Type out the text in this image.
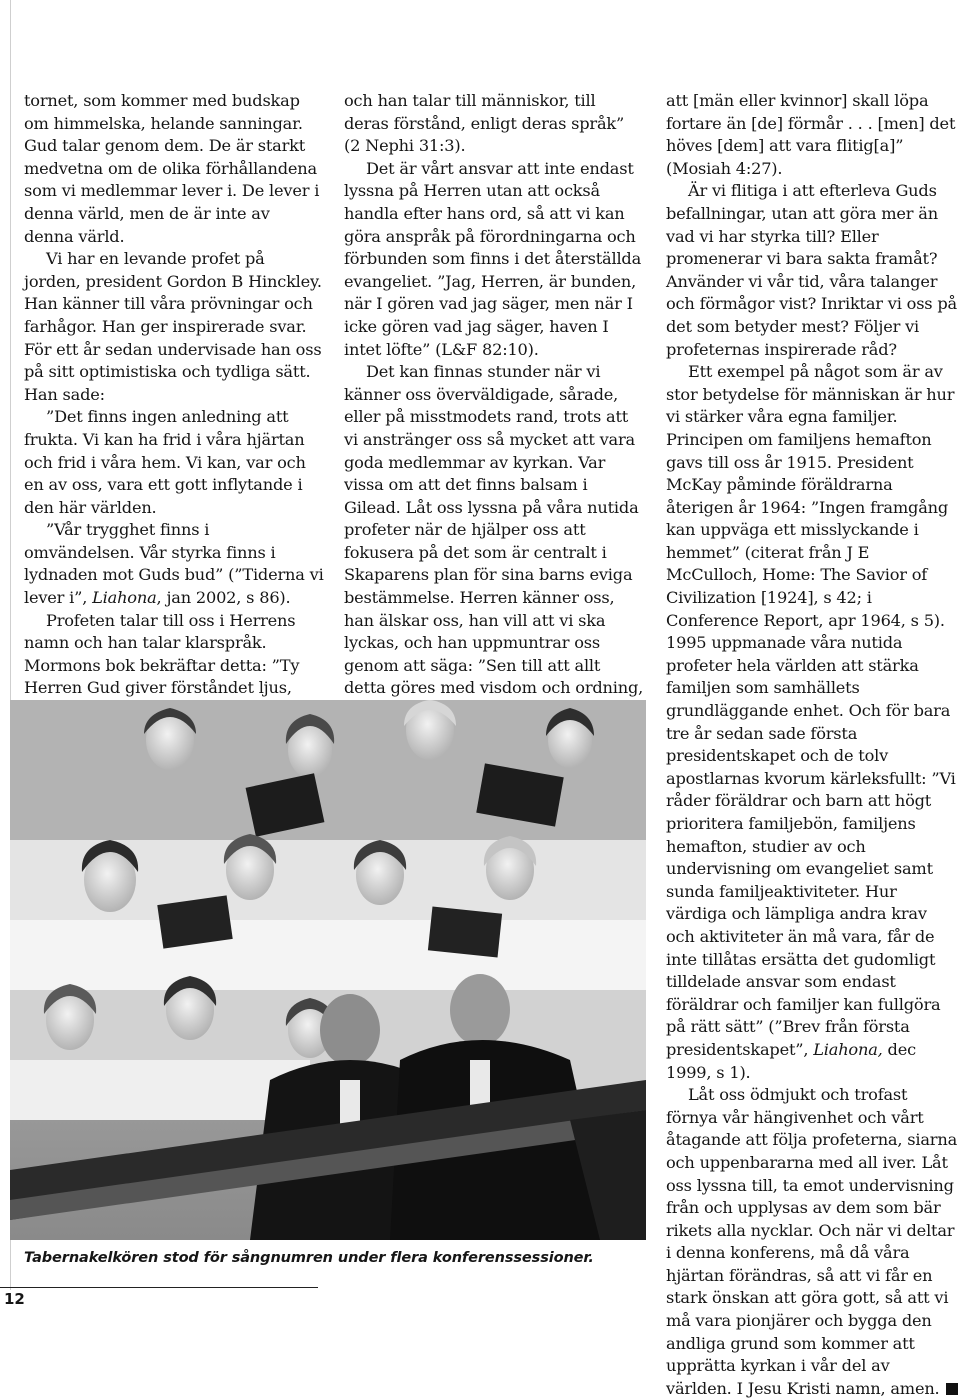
tornet, som kommer med budskap om himmelska, helande sanningar. Gud talar genom dem. De är starkt medvetna om de olika förhållandena som vi medlemmar lever i. De lever i denna värld, men de är inte av denna värld.

Vi har en levande profet på jorden, president Gordon B Hinckley. Han känner till våra prövningar och farhågor. Han ger inspirerade svar. För ett år sedan undervisade han oss på sitt optimistiska och tydliga sätt. Han sade:

”Det finns ingen anledning att frukta. Vi kan ha frid i våra hjärtan och frid i våra hem. Vi kan, var och en av oss, vara ett gott inflytande i den här världen.

”Vår trygghet finns i omvändelsen. Vår styrka finns i lydnaden mot Guds bud” (”Tiderna vi lever i”, Liahona, jan 2002, s 86).

Profeten talar till oss i Herrens namn och han talar klarspråk. Mormons bok bekräftar detta: ”Ty Herren Gud giver förståndet ljus,

och han talar till människor, till deras förstånd, enligt deras språk” (2 Nephi 31:3).

Det är vårt ansvar att inte endast lyssna på Herren utan att också handla efter hans ord, så att vi kan göra anspråk på förordningarna och förbunden som finns i det återställda evangeliet. ”Jag, Herren, är bunden, när I gören vad jag säger, men när I icke gören vad jag säger, haven I intet löfte” (L&F 82:10).

Det kan finnas stunder när vi känner oss överväldigade, sårade, eller på misstmodets rand, trots att vi anstränger oss så mycket att vara goda medlemmar av kyrkan. Var vissa om att det finns balsam i Gilead. Låt oss lyssna på våra nutida profeter när de hjälper oss att fokusera på det som är centralt i Skaparens plan för sina barns eviga bestämmelse. Herren känner oss, han älskar oss, han vill att vi ska lyckas, och han uppmuntrar oss genom att säga: ”Sen till att allt detta göres med visdom och ordning,

att [män eller kvinnor] skall löpa fortare än [de] förmår . . . [men] det höves [dem] att vara flitig[a]” (Mosiah 4:27).

Är vi flitiga i att efterleva Guds befallningar, utan att göra mer än vad vi har styrka till? Eller promenerar vi bara sakta framåt? Använder vi vår tid, våra talanger och förmågor vist? Inriktar vi oss på det som betyder mest? Följer vi profeternas inspirerade råd?

Ett exempel på något som är av stor betydelse för människan är hur vi stärker våra egna familjer. Principen om familjens hemafton gavs till oss år 1915. President McKay påminde föräldrarna återigen år 1964: ”Ingen framgång kan uppväga ett misslyckande i hemmet” (citerat från J E McCulloch, Home: The Savior of Civilization [1924], s 42; i Conference Report, apr 1964, s 5). 1995 uppmanade våra nutida profeter hela världen att stärka familjen som samhällets grundläggande enhet. Och för bara tre år sedan sade första presidentskapet och de tolv apostlarnas kvorum kärleksfullt: ”Vi råder föräldrar och barn att högt prioritera familjebön, familjens hemafton, studier av och undervisning om evangeliet samt sunda familjeaktiviteter. Hur värdiga och lämpliga andra krav och aktiviteter än må vara, får de inte tillåtas ersätta det gudomligt tilldelade ansvar som endast föräldrar och familjer kan fullgöra på rätt sätt” (”Brev från första presidentskapet”, Liahona, dec 1999, s 1).

Låt oss ödmjukt och trofast förnya vår hängivenhet och vårt åtagande att följa profeterna, siarna och uppenbararna med all iver. Låt oss lyssna till, ta emot undervisning från och upplysas av dem som bär rikets alla nycklar. Och när vi deltar i denna konferens, må då våra hjärtan förändras, så att vi får en stark önskan att göra gott, så att vi må vara pionjärer och bygga den andliga grund som kommer att upprätta kyrkan i vår del av världen. I Jesu Kristi namn, amen.

Tabernakelkören stod för sångnumren under flera konferenssessioner.
12
